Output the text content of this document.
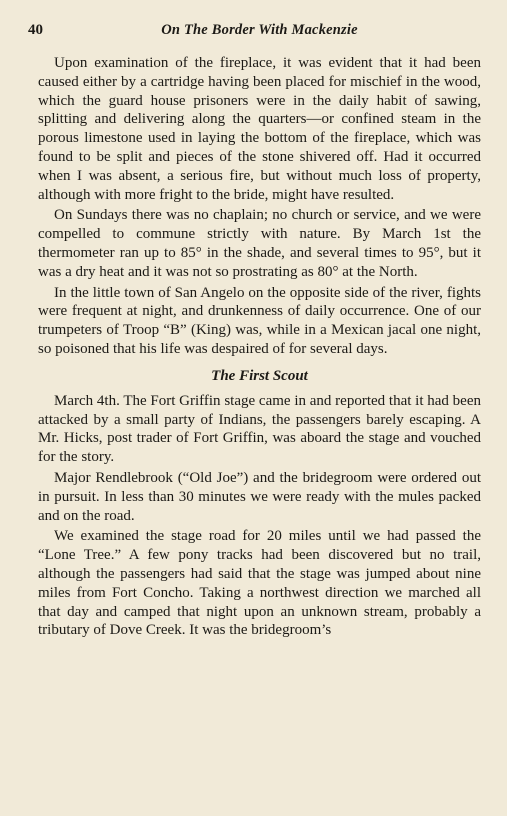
40	On The Border With Mackenzie

Upon examination of the fireplace, it was evident that it had been caused either by a cartridge having been placed for mischief in the wood, which the guard house prisoners were in the daily habit of sawing, splitting and delivering along the quarters—or confined steam in the porous limestone used in laying the bottom of the fireplace, which was found to be split and pieces of the stone shivered off. Had it occurred when I was absent, a serious fire, but without much loss of property, although with more fright to the bride, might have resulted.

On Sundays there was no chaplain; no church or service, and we were compelled to commune strictly with nature. By March 1st the thermometer ran up to 85° in the shade, and several times to 95°, but it was a dry heat and it was not so prostrating as 80° at the North.

In the little town of San Angelo on the opposite side of the river, fights were frequent at night, and drunkenness of daily occurrence. One of our trumpeters of Troop “B” (King) was, while in a Mexican jacal one night, so poisoned that his life was despaired of for several days.

The First Scout

March 4th. The Fort Griffin stage came in and reported that it had been attacked by a small party of Indians, the passengers barely escaping. A Mr. Hicks, post trader of Fort Griffin, was aboard the stage and vouched for the story.

Major Rendlebrook (“Old Joe”) and the bridegroom were ordered out in pursuit. In less than 30 minutes we were ready with the mules packed and on the road.

We examined the stage road for 20 miles until we had passed the “Lone Tree.” A few pony tracks had been discovered but no trail, although the passengers had said that the stage was jumped about nine miles from Fort Concho. Taking a northwest direction we marched all that day and camped that night upon an unknown stream, probably a tributary of Dove Creek. It was the bridegroom’s
